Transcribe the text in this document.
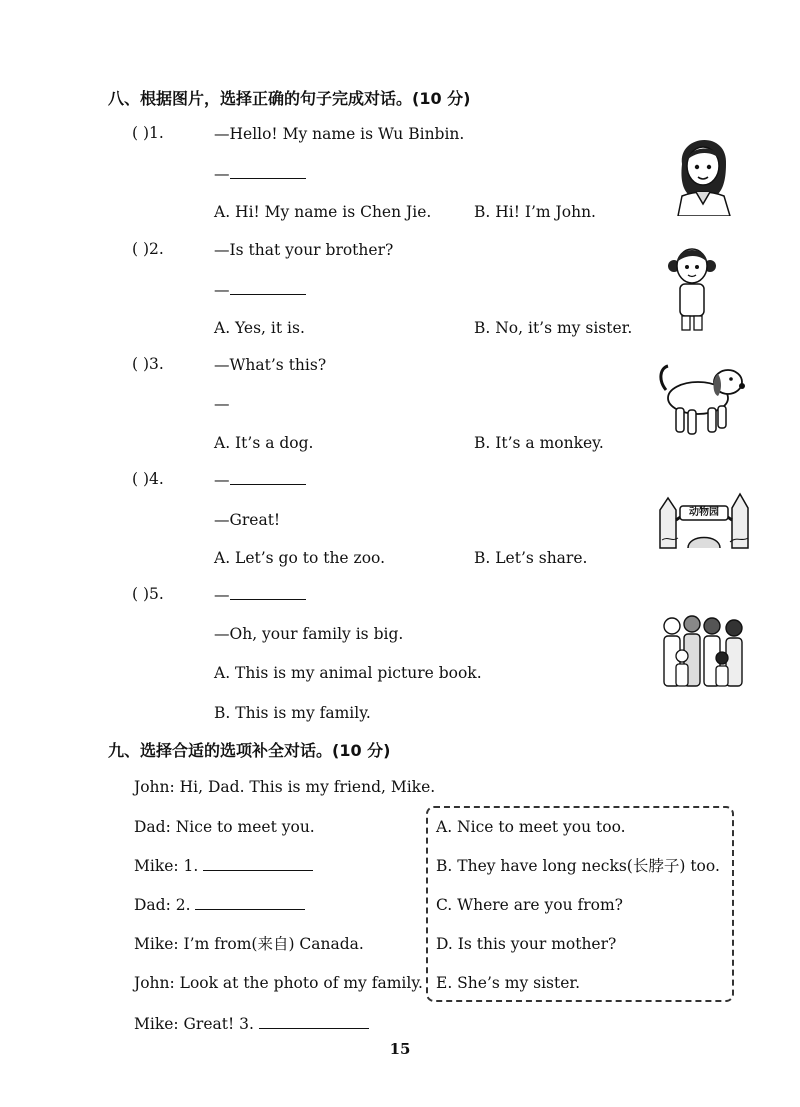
八、根据图片，选择正确的句子完成对话。(10 分)
( )1.	—Hello! My name is Wu Binbin.
—
A. Hi! My name is Chen Jie.	B. Hi! I’m John.
( )2.	—Is that your brother?
—
A. Yes, it is.	B. No, it’s my sister.
( )3.	—What’s this?
—
A. It’s a dog.	B. It’s a monkey.
( )4.	—
—Great!
A. Let’s go to the zoo.	B. Let’s share.
( )5.	—
—Oh, your family is big.
A. This is my animal picture book.
B. This is my family.
动物园
九、选择合适的选项补全对话。(10 分)
John: Hi, Dad. This is my friend, Mike.
Dad: Nice to meet you.
Mike: 1.
Dad: 2.
Mike: I’m from(来自) Canada.
John: Look at the photo of my family.
Mike: Great! 3.
A. Nice to meet you too.
B. They have long necks(长脖子) too.
C. Where are you from?
D. Is this your mother?
E. She’s my sister.
15
